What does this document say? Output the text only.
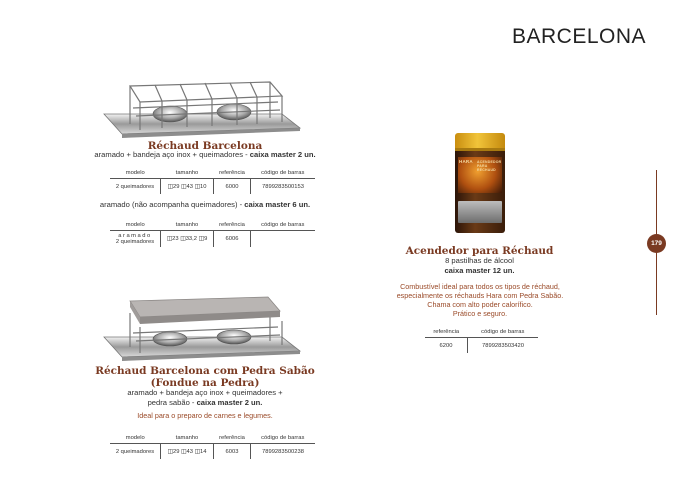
BARCELONA
179
Réchaud Barcelona
aramado + bandeja aço inox + queimadores - caixa master 2 un.
modelo	tamanho	referência	código de barras
2 queimadores	◫29 ◫43 ◫10	6000	7899283500153
aramado (não acompanha queimadores) - caixa master 6 un.
modelo	tamanho	referência	código de barras
aramado
2 queimadores	◫23 ◫33,2 ◫9	6006	
Réchaud Barcelona com Pedra Sabão
(Fondue na Pedra)
aramado + bandeja aço inox + queimadores +
pedra sabão - caixa master 2 un.
Ideal para o preparo de carnes e legumes.
modelo	tamanho	referência	código de barras
2 queimadores	◫29 ◫43 ◫14	6003	7899283500238
HARA ACENDEDOR PARA RÉCHAUD
Acendedor para Réchaud
8 pastilhas de álcool
caixa master 12 un.
Combustível ideal para todos os tipos de réchaud,
especialmente os réchauds Hara com Pedra Sabão.
Chama com alto poder calorífico.
Prático e seguro.
referência	código de barras
6200	7899283503420
